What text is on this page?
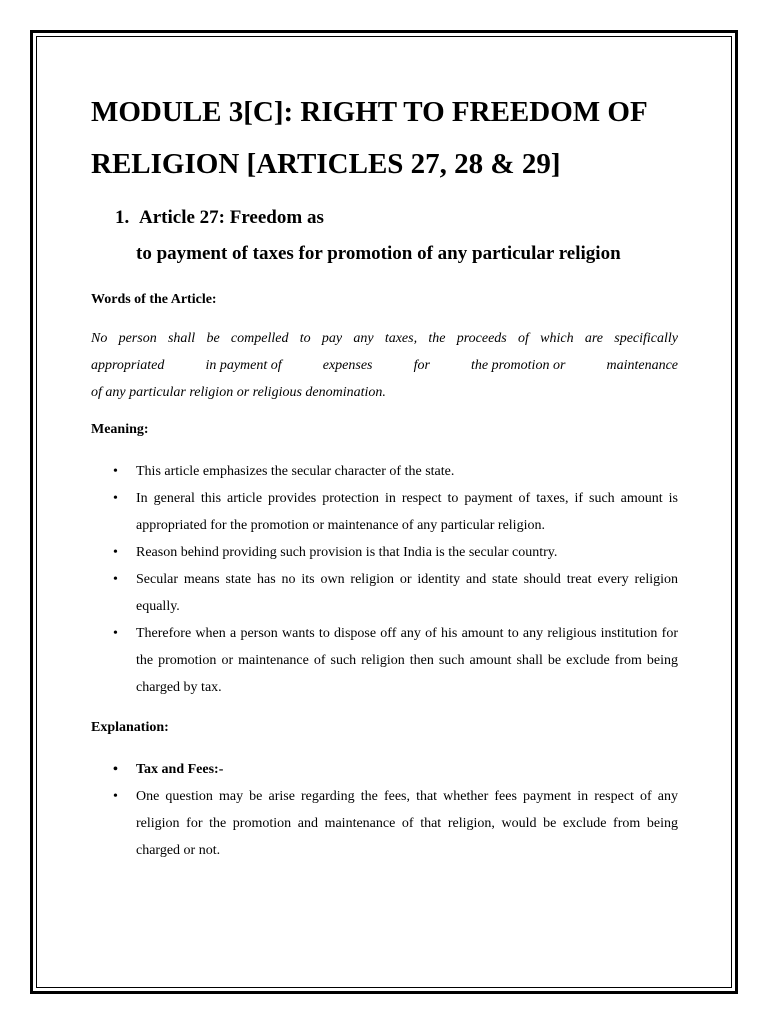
MODULE 3[C]: RIGHT TO FREEDOM OF
RELIGION [ARTICLES 27, 28 & 29]
1. Article 27: Freedom as
to payment of taxes for promotion of any particular religion

Words of the Article:

No person shall be compelled to pay any taxes, the proceeds of which are specifically
appropriated	in payment of	expenses	for	the promotion or	maintenance
of any particular religion or religious denomination.

Meaning:

• This article emphasizes the secular character of the state.
• In general this article provides protection in respect to payment of taxes, if such amount is appropriated for the promotion or maintenance of any particular religion.
• Reason behind providing such provision is that India is the secular country.
• Secular means state has no its own religion or identity and state should treat every religion equally.
• Therefore when a person wants to dispose off any of his amount to any religious institution for the promotion or maintenance of such religion then such amount shall be exclude from being charged by tax.

Explanation:

• Tax and Fees:-
• One question may be arise regarding the fees, that whether fees payment in respect of any religion for the promotion and maintenance of that religion, would be exclude from being charged or not.
